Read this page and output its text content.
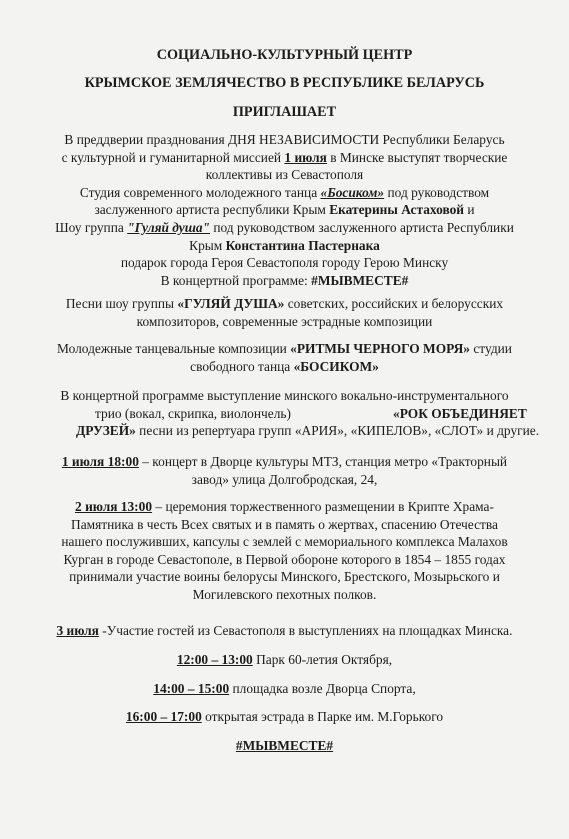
СОЦИАЛЬНО-КУЛЬТУРНЫЙ ЦЕНТР
КРЫМСКОЕ ЗЕМЛЯЧЕСТВО В РЕСПУБЛИКЕ БЕЛАРУСЬ
ПРИГЛАШАЕТ
В преддверии празднования ДНЯ НЕЗАВИСИМОСТИ Республики Беларусь
с культурной и гуманитарной миссией 1 июля в Минске выступят творческие
коллективы из Севастополя
Студия современного молодежного танца «Босиком» под руководством
заслуженного артиста республики Крым Екатерины Астаховой и
Шоу группа "Гуляй душа" под руководством заслуженного артиста Республики
Крым Константина Пастернака
подарок города Героя Севастополя городу Герою Минску
В концертной программе: #МЫВМЕСТЕ#
Песни шоу группы «ГУЛЯЙ ДУША» советских, российских и белорусских
композиторов, современные эстрадные композиции
Молодежные танцевальные композиции «РИТМЫ ЧЕРНОГО МОРЯ» студии
свободного танца «БОСИКОМ»
В концертной программе выступление минского вокально-инструментального
трио (вокал, скрипка, виолончель)	«РОК ОБЪЕДИНЯЕТ
ДРУЗЕЙ» песни из репертуара групп «АРИЯ», «КИПЕЛОВ», «СЛОТ» и другие.
1 июля 18:00 – концерт в Дворце культуры МТЗ, станция метро «Тракторный
завод» улица Долгобродская, 24,
2 июля 13:00 – церемония торжественного размещении в Крипте Храма-
Памятника в честь Всех святых и в память о жертвах, спасению Отечества
нашего послуживших, капсулы с землей с мемориального комплекса Малахов
Курган в городе Севастополе, в Первой обороне которого в 1854 – 1855 годах
принимали участие воины белорусы Минского, Брестского, Мозырьского и
Могилевского пехотных полков.
3 июля -Участие гостей из Севастополя в выступлениях на площадках Минска.
12:00 – 13:00 Парк 60-летия Октября,
14:00 – 15:00 площадка возле Дворца Спорта,
16:00 – 17:00 открытая эстрада в Парке им. М.Горького
#МЫВМЕСТЕ#
